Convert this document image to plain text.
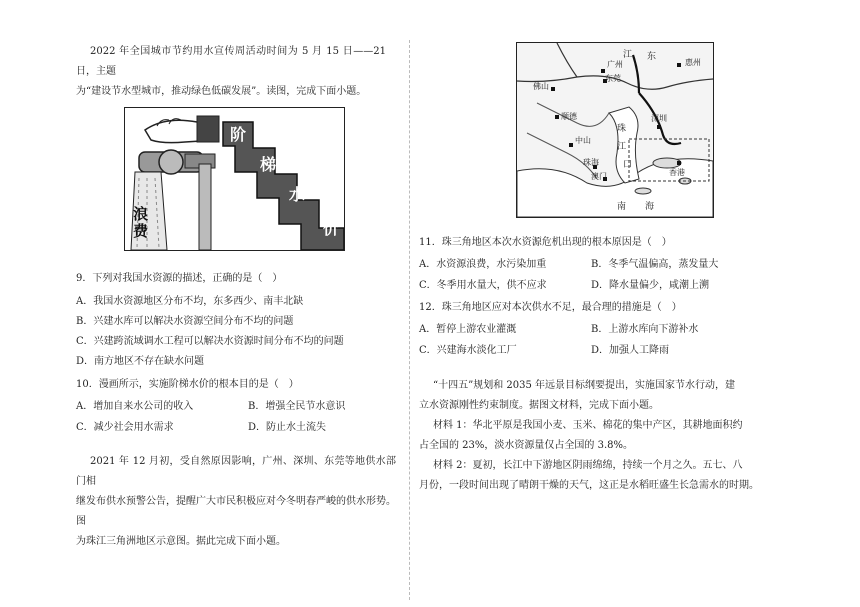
2022 年全国城市节约用水宣传周活动时间为 5 月 15 日——21 日，主题
为“建设节水型城市，推动绿色低碳发展”。读图，完成下面小题。
浪费
阶
梯
水
价
9．下列对我国水资源的描述，正确的是（　）
A．我国水资源地区分布不均，东多西少、南丰北缺
B．兴建水库可以解决水资源空间分布不均的问题
C．兴建跨流域调水工程可以解决水资源时间分布不均的问题
D．南方地区不存在缺水问题
10．漫画所示，实施阶梯水价的根本目的是（　）
A．增加自来水公司的收入	B．增强全民节水意识
C．减少社会用水需求	D．防止水土流失
2021 年 12 月初，受自然原因影响，广州、深圳、东莞等地供水部门相
继发布供水预警公告，提醒广大市民积极应对今冬明春严峻的供水形势。图
为珠江三角洲地区示意图。据此完成下面小题。
江 东
广州
东莞
惠州
佛山
顺德	深圳
中山
珠
江
口
珠海
澳门	香港
南 海
11．珠三角地区本次水资源危机出现的根本原因是（　）
A．水资源浪费，水污染加重	B．冬季气温偏高，蒸发量大
C．冬季用水量大，供不应求	D．降水量偏少，咸潮上溯
12．珠三角地区应对本次供水不足，最合理的措施是（　）
A．暂停上游农业灌溉	B．上游水库向下游补水
C．兴建海水淡化工厂	D．加强人工降雨
“十四五”规划和 2035 年远景目标纲要提出，实施国家节水行动，建
立水资源刚性约束制度。据图文材料，完成下面小题。
材料 1：华北平原是我国小麦、玉米、棉花的集中产区，其耕地面积约
占全国的 23%，淡水资源量仅占全国的 3.8%。
材料 2：夏初，长江中下游地区阴雨绵绵，持续一个月之久。五七、八
月份，一段时间出现了晴朗干燥的天气，这正是水稻旺盛生长急需水的时期。
